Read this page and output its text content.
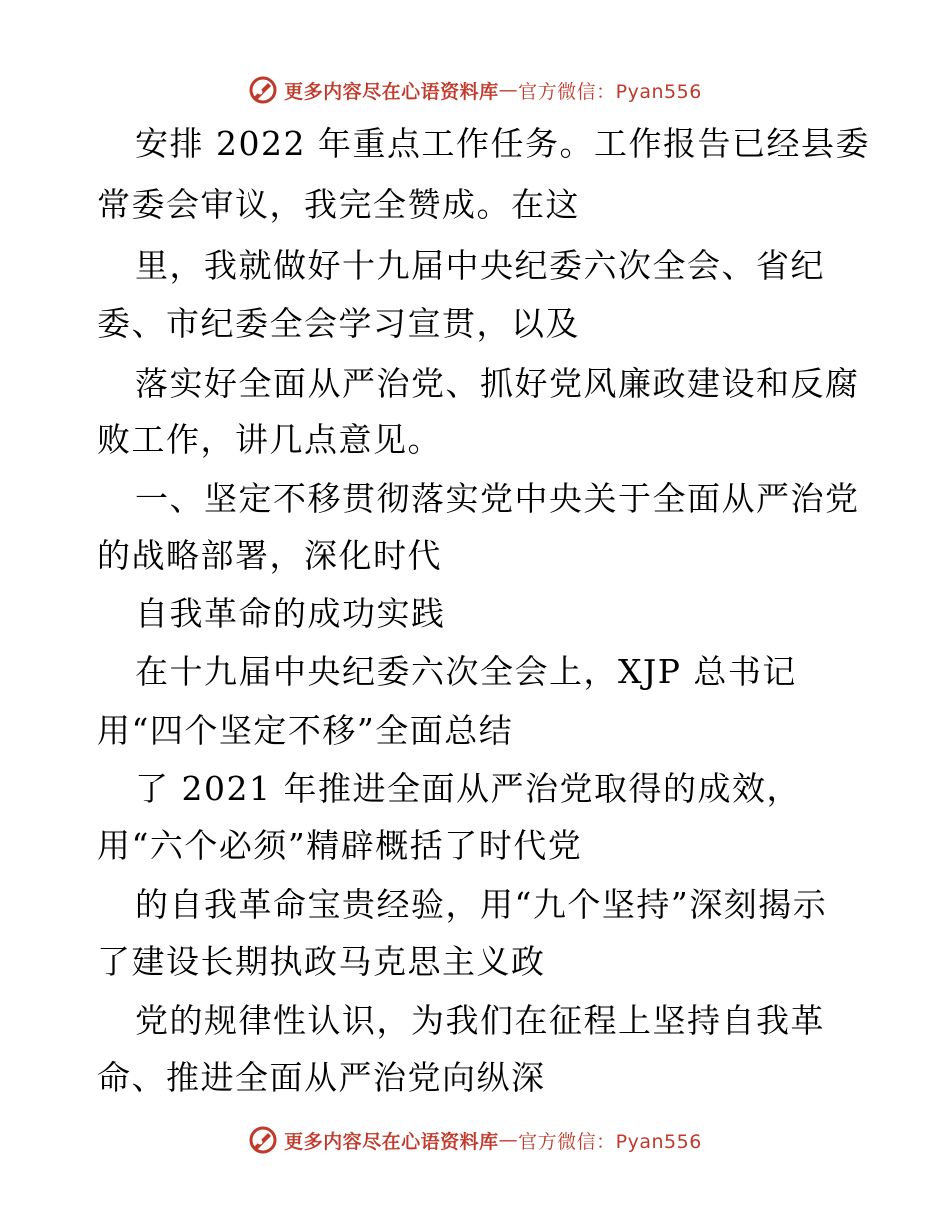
更多内容尽在心语资料库 — 官方微信：Pyan556
安排 2022 年重点工作任务。工作报告已经县委
常委会审议，我完全赞成。在这
里，我就做好十九届中央纪委六次全会、省纪
委、市纪委全会学习宣贯，以及
落实好全面从严治党、抓好党风廉政建设和反腐
败工作，讲几点意见。
一、坚定不移贯彻落实党中央关于全面从严治党
的战略部署，深化时代
自我革命的成功实践
在十九届中央纪委六次全会上，XJP 总书记
用“四个坚定不移”全面总结
了 2021 年推进全面从严治党取得的成效，
用“六个必须”精辟概括了时代党
的自我革命宝贵经验，用“九个坚持”深刻揭示
了建设长期执政马克思主义政
党的规律性认识，为我们在征程上坚持自我革
命、推进全面从严治党向纵深
更多内容尽在心语资料库 — 官方微信：Pyan556
